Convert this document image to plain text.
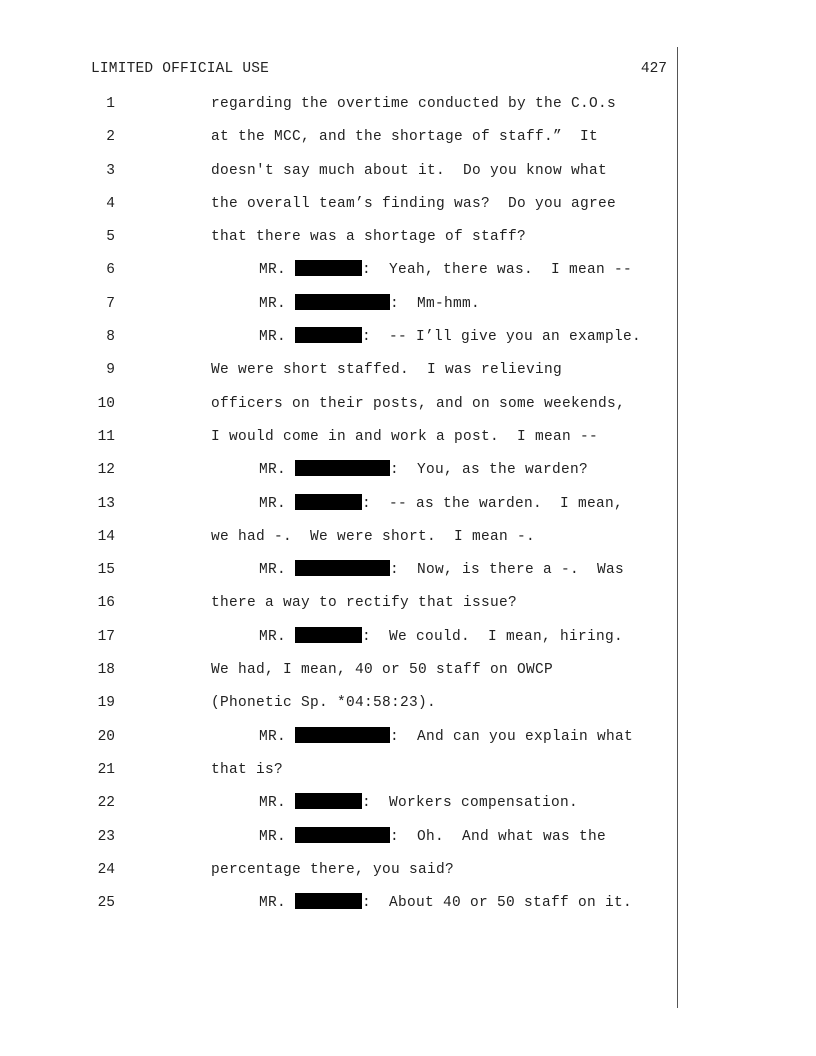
LIMITED OFFICIAL USE	427
1	regarding the overtime conducted by the C.O.s
2	at the MCC, and the shortage of staff.”  It
3	doesn't say much about it.  Do you know what
4	the overall team’s finding was?  Do you agree
5	that there was a shortage of staff?
6	MR.	:  Yeah, there was.  I mean --
7	MR.	:  Mm-hmm.
8	MR.	:  -- I’ll give you an example.
9	We were short staffed.  I was relieving
10	officers on their posts, and on some weekends,
11	I would come in and work a post.  I mean --
12	MR.	:  You, as the warden?
13	MR.	:  -- as the warden.  I mean,
14	we had -.  We were short.  I mean -.
15	MR.	:  Now, is there a -.  Was
16	there a way to rectify that issue?
17	MR.	:  We could.  I mean, hiring.
18	We had, I mean, 40 or 50 staff on OWCP
19	(Phonetic Sp. *04:58:23).
20	MR.	:  And can you explain what
21	that is?
22	MR.	:  Workers compensation.
23	MR.	:  Oh.  And what was the
24	percentage there, you said?
25	MR.	:  About 40 or 50 staff on it.
